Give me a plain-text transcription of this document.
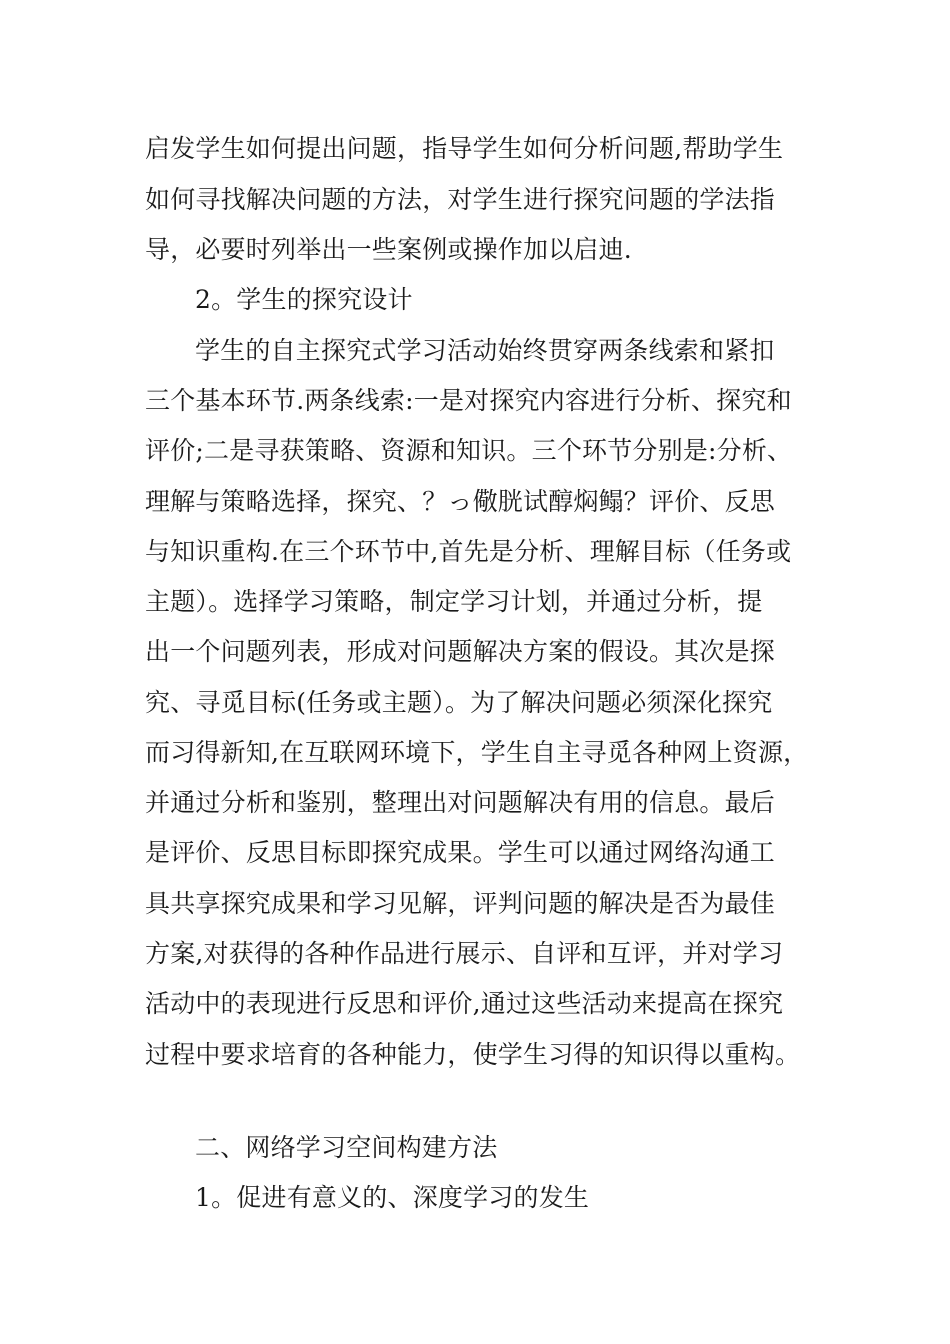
启发学生如何提出问题，指导学生如何分析问题,帮助学生
如何寻找解决问题的方法，对学生进行探究问题的学法指
导，必要时列举出一些案例或操作加以启迪.
2。学生的探究设计
学生的自主探究式学习活动始终贯穿两条线索和紧扣
三个基本环节.两条线索:一是对探究内容进行分析、探究和
评价;二是寻获策略、资源和知识。三个环节分别是:分析、
理解与策略选择，探究、？っ儆胱试醇焖鳎？评价、反思
与知识重构.在三个环节中,首先是分析、理解目标（任务或
主题）。选择学习策略，制定学习计划，并通过分析，提
出一个问题列表，形成对问题解决方案的假设。其次是探
究、寻觅目标(任务或主题）。为了解决问题必须深化探究
而习得新知,在互联网环境下，学生自主寻觅各种网上资源，
并通过分析和鉴别，整理出对问题解决有用的信息。最后
是评价、反思目标即探究成果。学生可以通过网络沟通工
具共享探究成果和学习见解，评判问题的解决是否为最佳
方案,对获得的各种作品进行展示、自评和互评，并对学习
活动中的表现进行反思和评价,通过这些活动来提高在探究
过程中要求培育的各种能力，使学生习得的知识得以重构。
二、网络学习空间构建方法
1。促进有意义的、深度学习的发生
